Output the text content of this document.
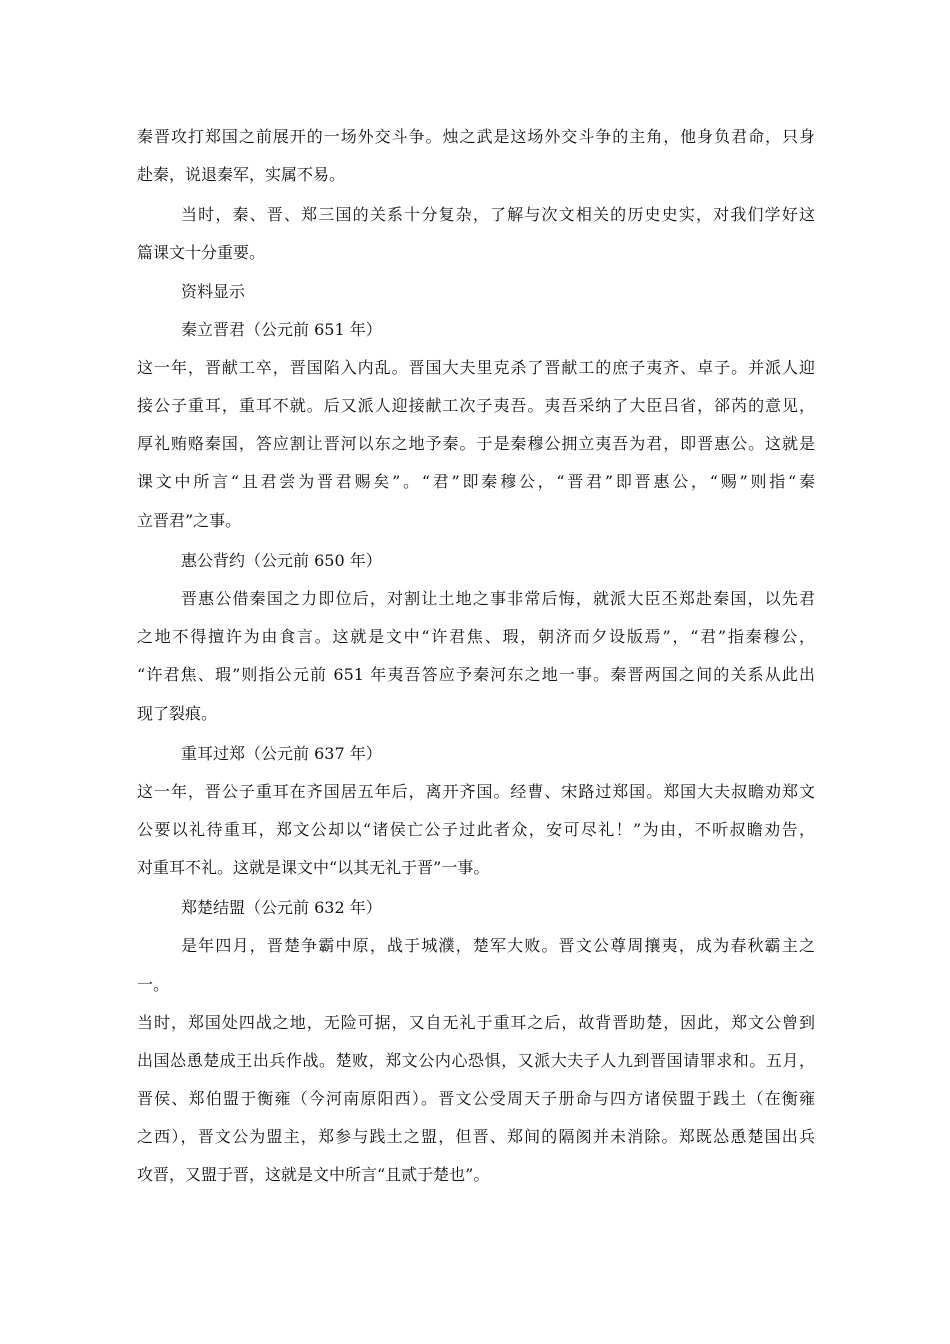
秦晋攻打郑国之前展开的一场外交斗争。烛之武是这场外交斗争的主角，他身负君命，只身
赴秦，说退秦军，实属不易。
当时，秦、晋、郑三国的关系十分复杂，了解与次文相关的历史史实，对我们学好这
篇课文十分重要。
资料显示
秦立晋君（公元前 651 年）
这一年，晋献工卒，晋国陷入内乱。晋国大夫里克杀了晋献工的庶子夷齐、卓子。并派人迎
接公子重耳，重耳不就。后又派人迎接献工次子夷吾。夷吾采纳了大臣吕省，郤芮的意见，
厚礼贿赂秦国，答应割让晋河以东之地予秦。于是秦穆公拥立夷吾为君，即晋惠公。这就是
课文中所言“且君尝为晋君赐矣”。“君”即秦穆公，“晋君”即晋惠公，“赐”则指“秦
立晋君”之事。
惠公背约（公元前 650 年）
晋惠公借秦国之力即位后，对割让土地之事非常后悔，就派大臣丕郑赴秦国，以先君
之地不得擅许为由食言。这就是文中“许君焦、瑕，朝济而夕设版焉”，“君”指秦穆公，
“许君焦、瑕”则指公元前 651 年夷吾答应予秦河东之地一事。秦晋两国之间的关系从此出
现了裂痕。
重耳过郑（公元前 637 年）
这一年，晋公子重耳在齐国居五年后，离开齐国。经曹、宋路过郑国。郑国大夫叔瞻劝郑文
公要以礼待重耳，郑文公却以“诸侯亡公子过此者众，安可尽礼！”为由，不听叔瞻劝告，
对重耳不礼。这就是课文中“以其无礼于晋”一事。
郑楚结盟（公元前 632 年）
是年四月，晋楚争霸中原，战于城濮，楚军大败。晋文公尊周攘夷，成为春秋霸主之
一。
当时，郑国处四战之地，无险可据，又自无礼于重耳之后，故背晋助楚，因此，郑文公曾到
出国怂恿楚成王出兵作战。楚败，郑文公内心恐惧，又派大夫子人九到晋国请罪求和。五月，
晋侯、郑伯盟于衡雍（今河南原阳西）。晋文公受周天子册命与四方诸侯盟于践土（在衡雍
之西），晋文公为盟主，郑参与践土之盟，但晋、郑间的隔阂并未消除。郑既怂恿楚国出兵
攻晋，又盟于晋，这就是文中所言“且贰于楚也”。
